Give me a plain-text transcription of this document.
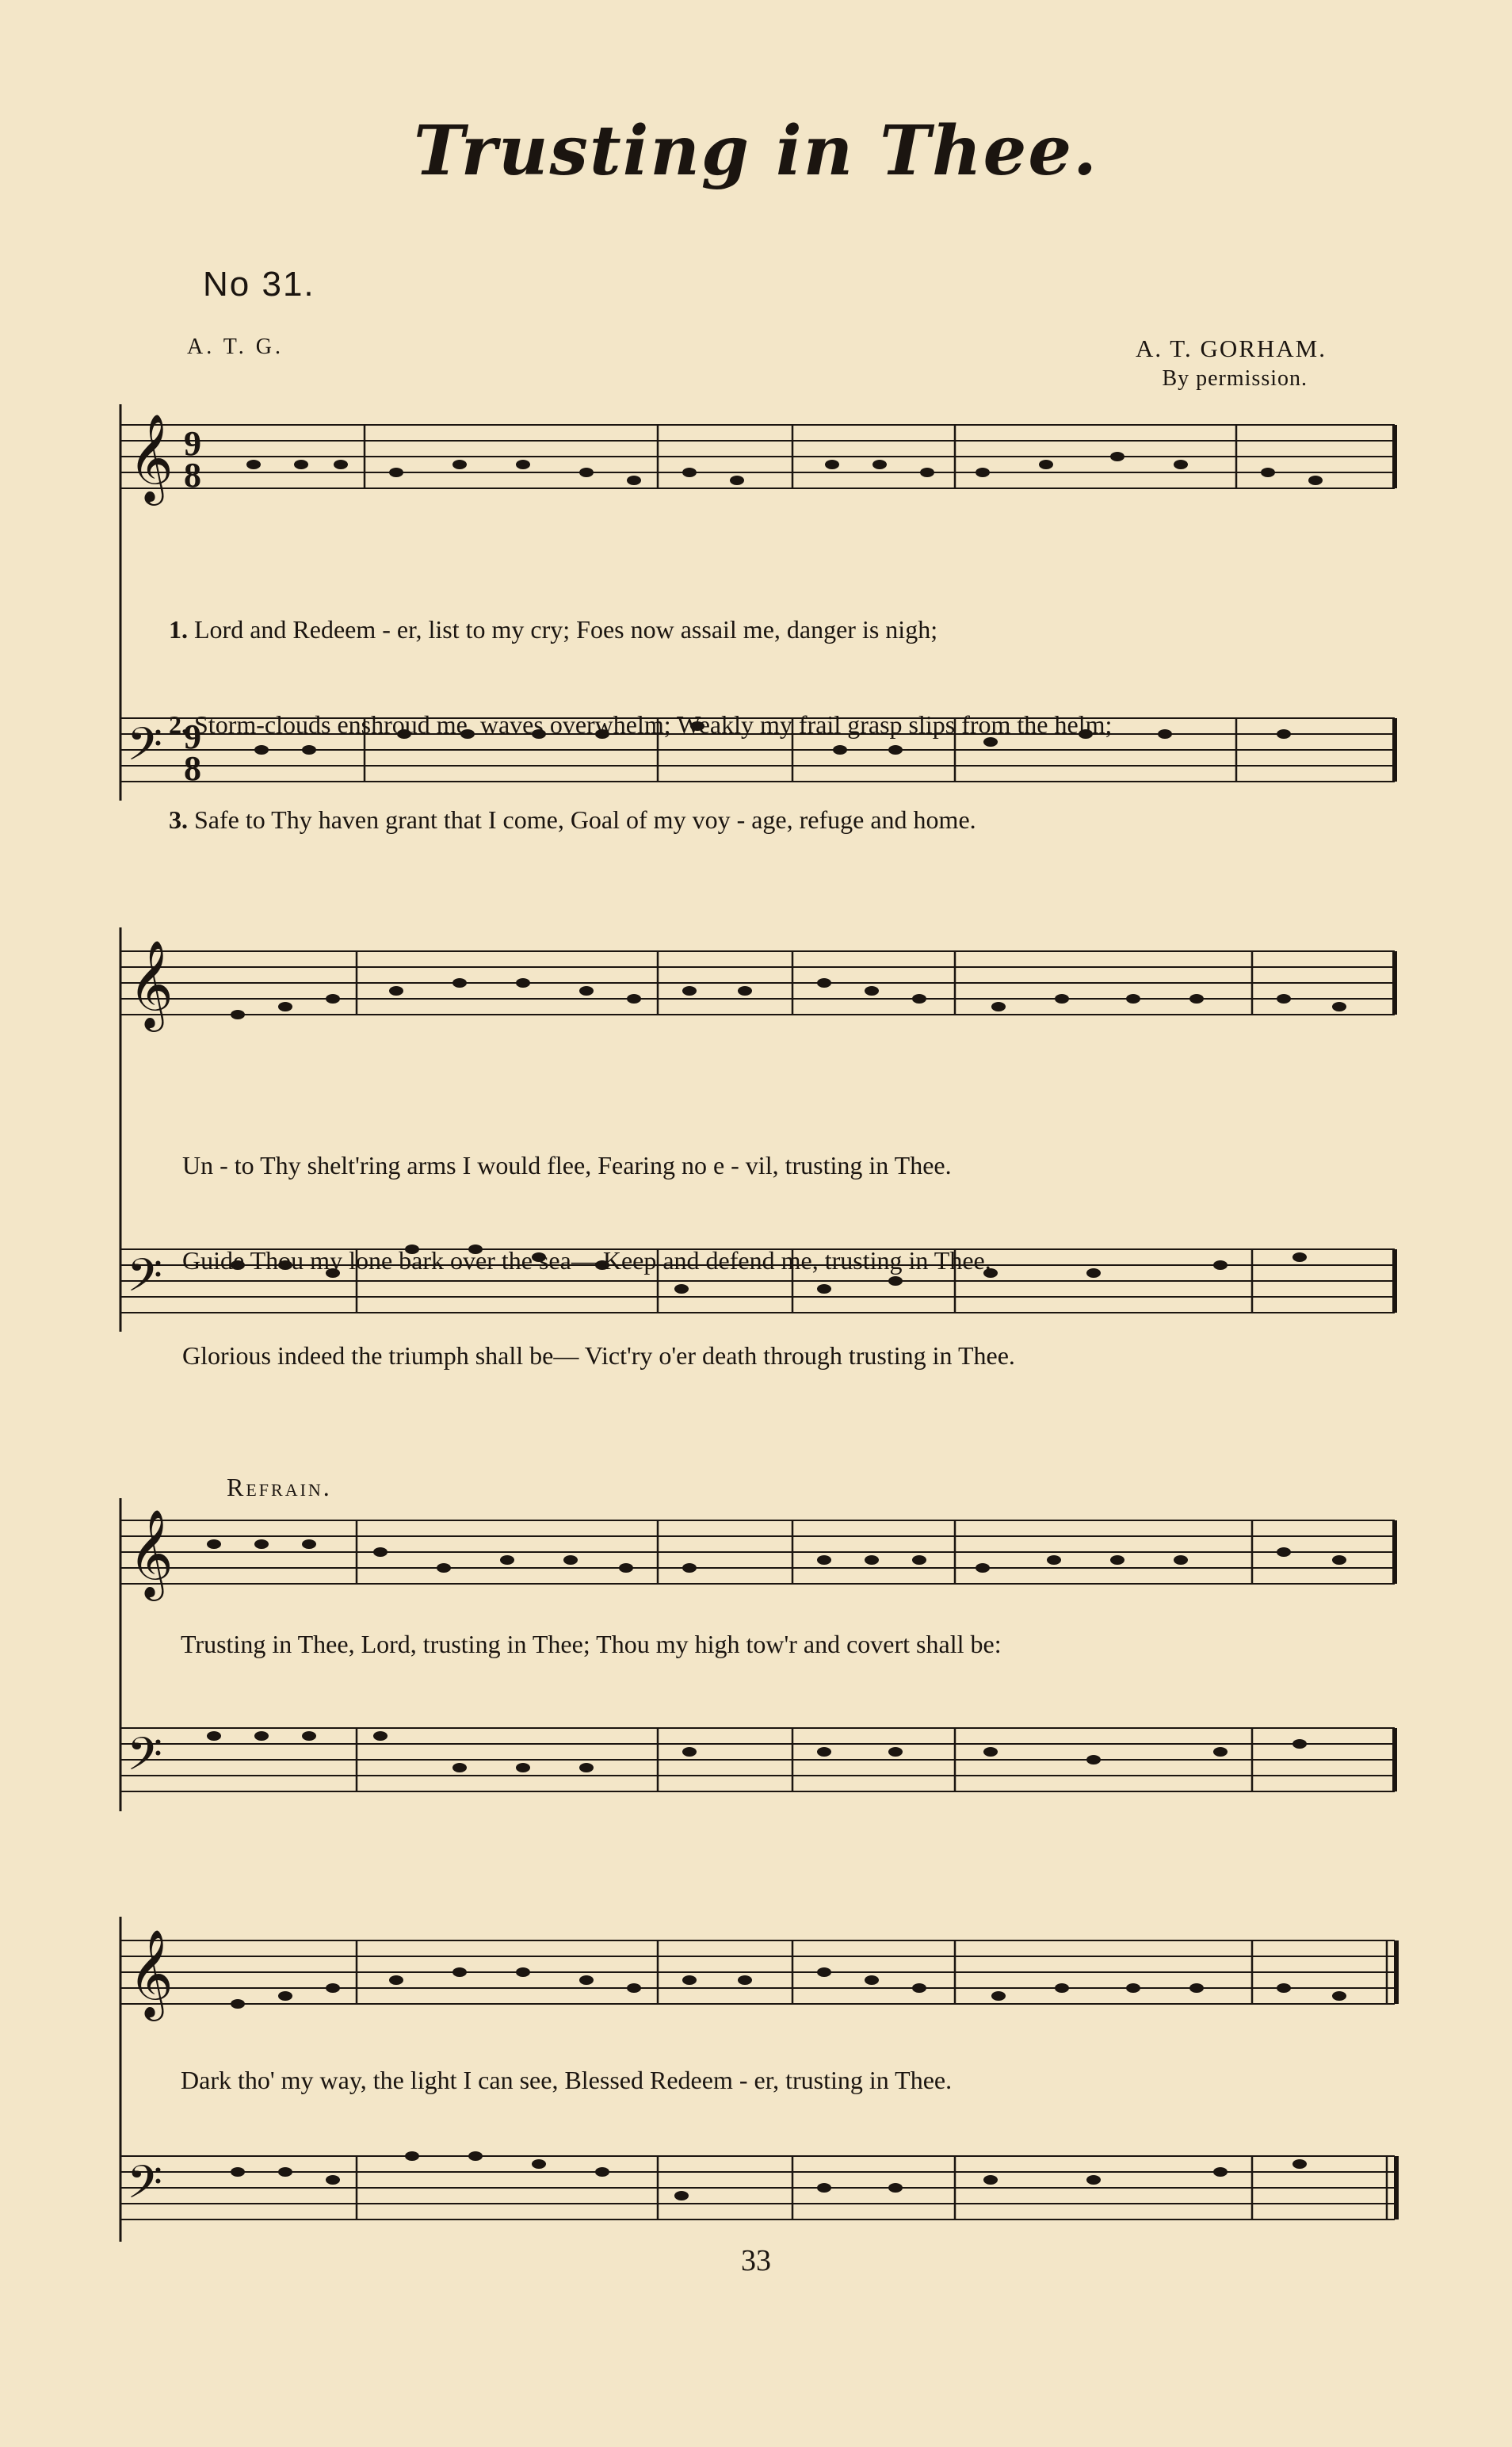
Trusting in Thee.
No 31.
A. T. G.	A. T. GORHAM.
By permission.
𝄞
𝄢
9
8
9
8

1. Lord and Redeem - er, list to my cry; Foes now assail me, danger is nigh;

2. Storm-clouds enshroud me, waves overwhelm; Weakly my frail grasp slips from the helm;

3. Safe to Thy haven grant that I come, Goal of my voy - age, refuge and home.

𝄞
𝄢

Un - to Thy shelt'ring arms I would flee, Fearing no e - vil, trusting in Thee.

Guide Thou my lone bark over the sea— Keep and defend me, trusting in Thee.

Glorious indeed the triumph shall be— Vict'ry o'er death through trusting in Thee.

Refrain.
𝄞
𝄢
Trusting in Thee, Lord, trusting in Thee; Thou my high tow'r and covert shall be:
𝄞
𝄢
Dark tho' my way, the light I can see, Blessed Redeem - er, trusting in Thee.
33
